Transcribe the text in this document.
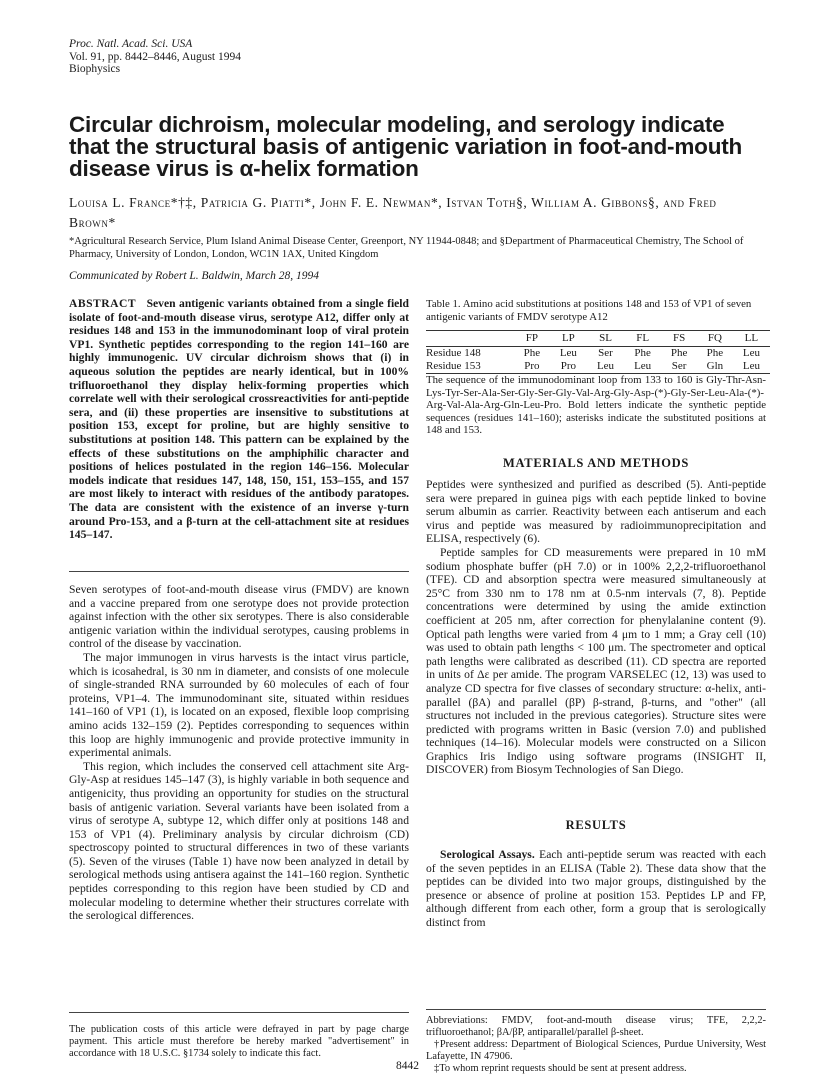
Proc. Natl. Acad. Sci. USA
Vol. 91, pp. 8442–8446, August 1994
Biophysics
Circular dichroism, molecular modeling, and serology indicate that the structural basis of antigenic variation in foot-and-mouth disease virus is α-helix formation
Louisa L. France*†‡, Patricia G. Piatti*, John F. E. Newman*, Istvan Toth§, William A. Gibbons§, and Fred Brown*
*Agricultural Research Service, Plum Island Animal Disease Center, Greenport, NY 11944-0848; and §Department of Pharmaceutical Chemistry, The School of Pharmacy, University of London, London, WC1N 1AX, United Kingdom
Communicated by Robert L. Baldwin, March 28, 1994
ABSTRACT Seven antigenic variants obtained from a single field isolate of foot-and-mouth disease virus, serotype A12, differ only at residues 148 and 153 in the immunodominant loop of viral protein VP1. Synthetic peptides corresponding to the region 141–160 are highly immunogenic. UV circular dichroism shows that (i) in aqueous solution the peptides are nearly identical, but in 100% trifluoroethanol they display helix-forming properties which correlate well with their serological crossreactivities for anti-peptide sera, and (ii) these properties are insensitive to substitutions at position 153, except for proline, but are highly sensitive to substitutions at position 148. This pattern can be explained by the effects of these substitutions on the amphiphilic character and positions of helices postulated in the region 146–156. Molecular models indicate that residues 147, 148, 150, 151, 153–155, and 157 are most likely to interact with residues of the antibody paratopes. The data are consistent with the existence of an inverse γ-turn around Pro-153, and a β-turn at the cell-attachment site at residues 145–147.

Seven serotypes of foot-and-mouth disease virus (FMDV) are known and a vaccine prepared from one serotype does not provide protection against infection with the other six serotypes. There is also considerable antigenic variation within the individual serotypes, causing problems in control of the disease by vaccination.

The major immunogen in virus harvests is the intact virus particle, which is icosahedral, is 30 nm in diameter, and consists of one molecule of single-stranded RNA surrounded by 60 molecules of each of four proteins, VP1–4. The immunodominant site, situated within residues 141–160 of VP1 (1), is located on an exposed, flexible loop comprising amino acids 132–159 (2). Peptides corresponding to sequences within this loop are highly immunogenic and provide protective immunity in experimental animals.

This region, which includes the conserved cell attachment site Arg-Gly-Asp at residues 145–147 (3), is highly variable in both sequence and antigenicity, thus providing an opportunity for studies on the structural basis of antigenic variation. Several variants have been isolated from a virus of serotype A, subtype 12, which differ only at positions 148 and 153 of VP1 (4). Preliminary analysis by circular dichroism (CD) spectroscopy pointed to structural differences in two of these variants (5). Seven of the viruses (Table 1) have now been analyzed in detail by serological methods using antisera against the 141–160 region. Synthetic peptides corresponding to this region have been studied by CD and molecular modeling to determine whether their structures correlate with the serological differences.

The publication costs of this article were defrayed in part by page charge payment. This article must therefore be hereby marked "advertisement" in accordance with 18 U.S.C. §1734 solely to indicate this fact.
Table 1. Amino acid substitutions at positions 148 and 153 of VP1 of seven antigenic variants of FMDV serotype A12
	FP	LP	SL	FL	FS	FQ	LL
Residue 148	Phe	Leu	Ser	Phe	Phe	Phe	Leu
Residue 153	Pro	Pro	Leu	Leu	Ser	Gln	Leu
The sequence of the immunodominant loop from 133 to 160 is Gly-Thr-Asn-Lys-Tyr-Ser-Ala-Ser-Gly-Ser-Gly-Val-Arg-Gly-Asp-(*)-Gly-Ser-Leu-Ala-(*)-Arg-Val-Ala-Arg-Gln-Leu-Pro. Bold letters indicate the synthetic peptide sequences (residues 141–160); asterisks indicate the substituted positions at 148 and 153.
MATERIALS AND METHODS

Peptides were synthesized and purified as described (5). Anti-peptide sera were prepared in guinea pigs with each peptide linked to bovine serum albumin as carrier. Reactivity between each antiserum and each virus and peptide was measured by radioimmunoprecipitation and ELISA, respectively (6).

Peptide samples for CD measurements were prepared in 10 mM sodium phosphate buffer (pH 7.0) or in 100% 2,2,2-trifluoroethanol (TFE). CD and absorption spectra were measured simultaneously at 25°C from 330 nm to 178 nm at 0.5-nm intervals (7, 8). Peptide concentrations were determined by using the amide extinction coefficient at 205 nm, after correction for phenylalanine content (9). Optical path lengths were varied from 4 μm to 1 mm; a Gray cell (10) was used to obtain path lengths < 100 μm. The spectrometer and optical path lengths were calibrated as described (11). CD spectra are reported in units of Δε per amide. The program VARSELEC (12, 13) was used to analyze CD spectra for five classes of secondary structure: α-helix, anti-parallel (βA) and parallel (βP) β-strand, β-turns, and "other" (all structures not included in the previous categories). Structure sites were predicted with programs written in Basic (version 7.0) and published techniques (14–16). Molecular models were constructed on a Silicon Graphics Iris Indigo using software programs (INSIGHT II, DISCOVER) from Biosym Technologies of San Diego.

RESULTS

Serological Assays. Each anti-peptide serum was reacted with each of the seven peptides in an ELISA (Table 2). These data show that the peptides can be divided into two major groups, distinguished by the presence or absence of proline at position 153. Peptides LP and FP, although different from each other, form a group that is serologically distinct from

Abbreviations: FMDV, foot-and-mouth disease virus; TFE, 2,2,2-trifluoroethanol; βA/βP, antiparallel/parallel β-sheet.
†Present address: Department of Biological Sciences, Purdue University, West Lafayette, IN 47906.
‡To whom reprint requests should be sent at present address.
8442
